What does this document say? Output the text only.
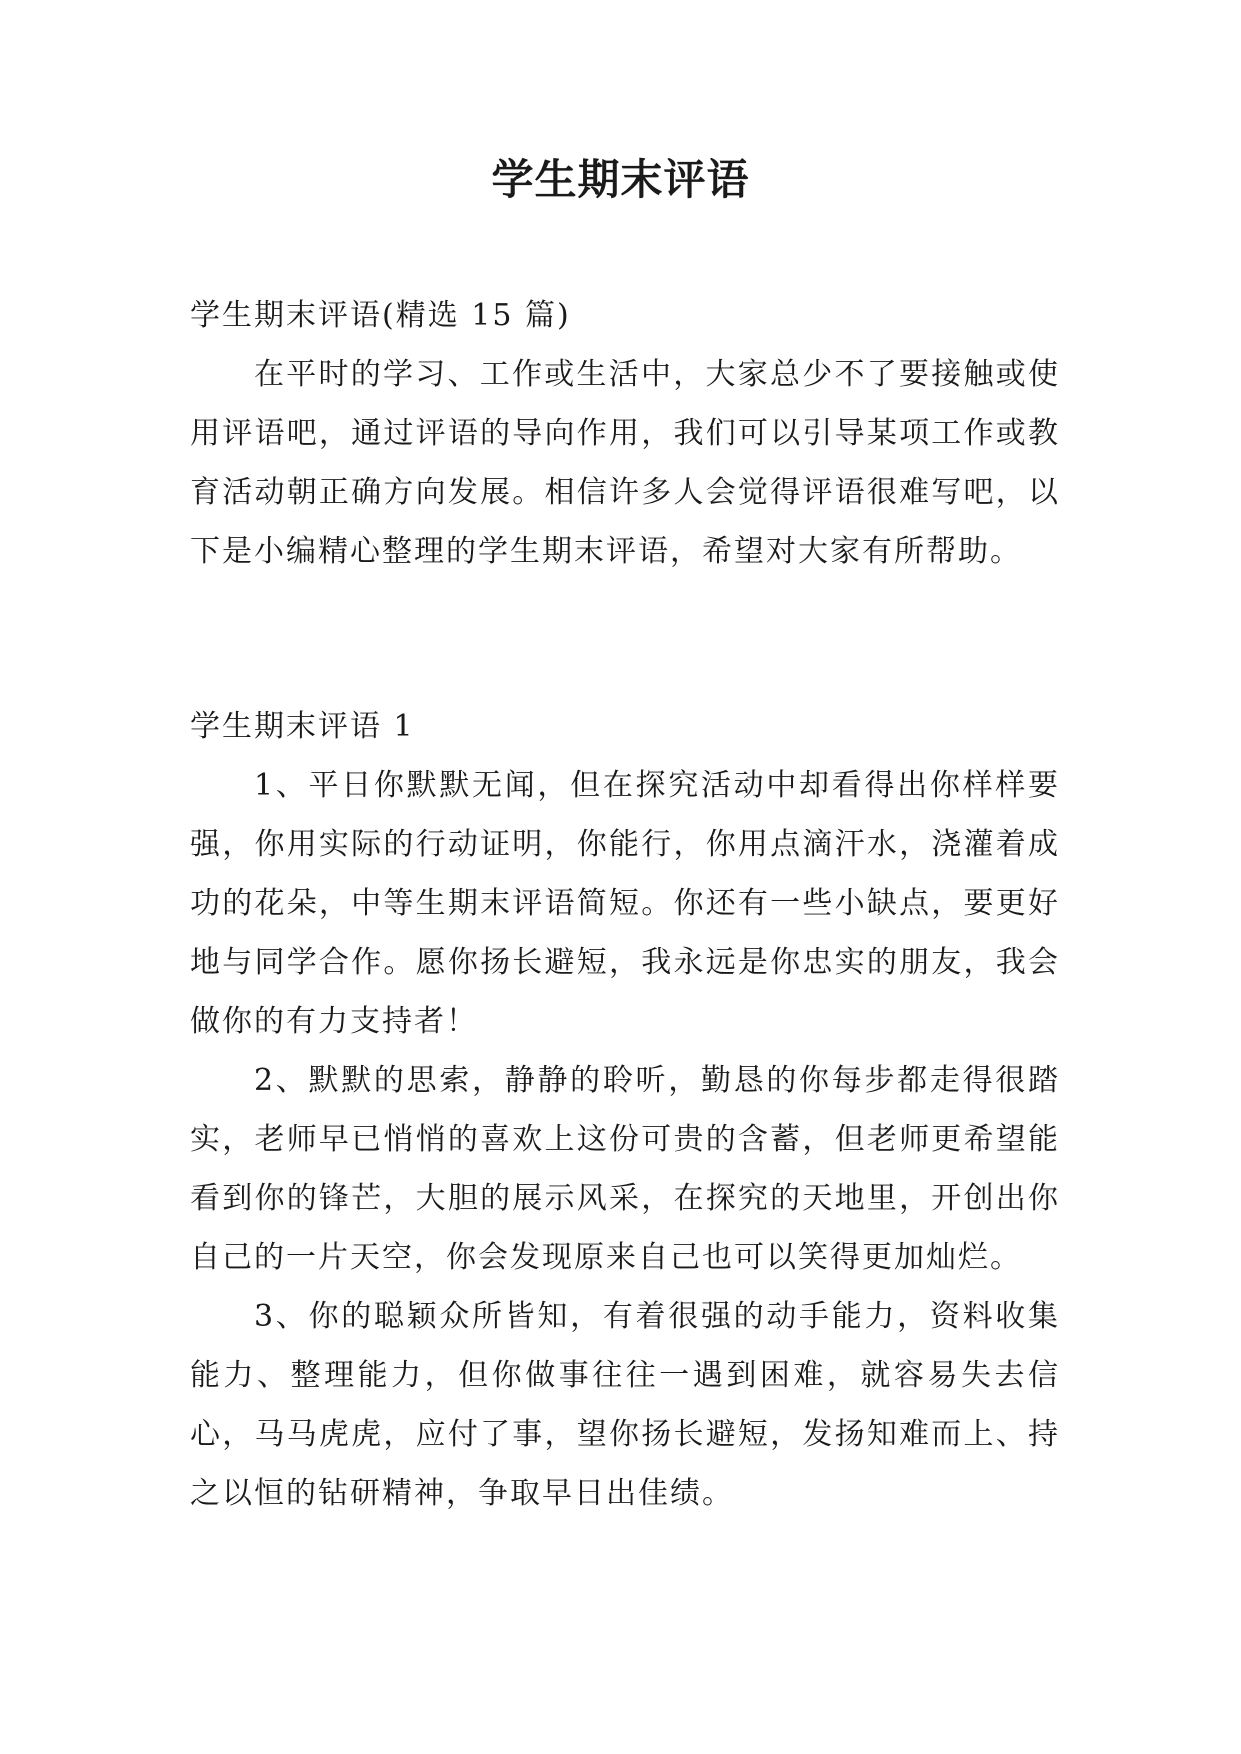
学生期末评语

学生期末评语(精选 15 篇)

在平时的学习、工作或生活中，大家总少不了要接触或使用评语吧，通过评语的导向作用，我们可以引导某项工作或教育活动朝正确方向发展。相信许多人会觉得评语很难写吧，以下是小编精心整理的学生期末评语，希望对大家有所帮助。

学生期末评语 1

1、平日你默默无闻，但在探究活动中却看得出你样样要强，你用实际的行动证明，你能行，你用点滴汗水，浇灌着成功的花朵，中等生期末评语简短。你还有一些小缺点，要更好地与同学合作。愿你扬长避短，我永远是你忠实的朋友，我会做你的有力支持者！

2、默默的思索，静静的聆听，勤恳的你每步都走得很踏实，老师早已悄悄的喜欢上这份可贵的含蓄，但老师更希望能看到你的锋芒，大胆的展示风采，在探究的天地里，开创出你自己的一片天空，你会发现原来自己也可以笑得更加灿烂。

3、你的聪颖众所皆知，有着很强的动手能力，资料收集能力、整理能力，但你做事往往一遇到困难，就容易失去信心，马马虎虎，应付了事，望你扬长避短，发扬知难而上、持之以恒的钻研精神，争取早日出佳绩。
